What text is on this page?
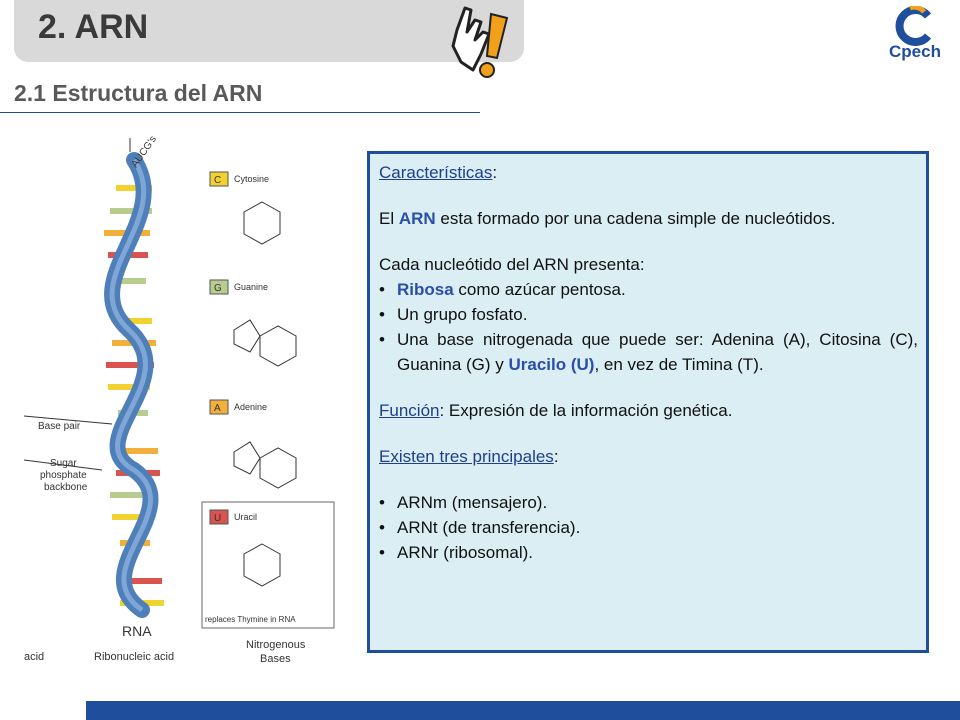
2. ARN
Cpech
2.1 Estructura del ARN
AUCG's
Base pair
Sugar
phosphate
backbone
RNA
acid	Ribonucleic acid
C Cytosine
G Guanine
A Adenine
U Uracil
replaces Thymine in RNA
Nitrogenous
Bases

Características:

El ARN esta formado por una cadena simple de nucleótidos.

Cada nucleótido del ARN presenta:

• Ribosa como azúcar pentosa.
• Un grupo fosfato.
• Una base nitrogenada que puede ser: Adenina (A), Citosina (C), Guanina (G) y Uracilo (U), en vez de Timina (T).

Función: Expresión de la información genética.

Existen tres principales:

• ARNm (mensajero).
• ARNt (de transferencia).
• ARNr (ribosomal).
